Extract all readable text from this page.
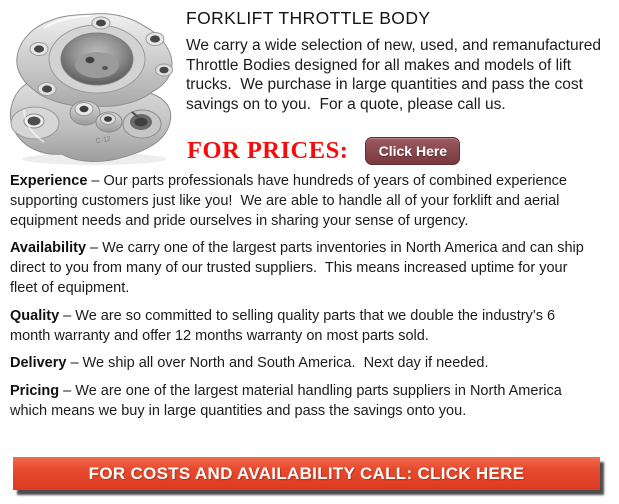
C-12
FORKLIFT THROTTLE BODY
We carry a wide selection of new, used, and remanufactured Throttle Bodies designed for all makes and models of lift trucks.  We purchase in large quantities and pass the cost savings on to you.  For a quote, please call us.
FOR PRICES:	Click Here

Experience – Our parts professionals have hundreds of years of combined experience supporting customers just like you!  We are able to handle all of your forklift and aerial equipment needs and pride ourselves in sharing your sense of urgency.

Availability – We carry one of the largest parts inventories in North America and can ship direct to you from many of our trusted suppliers.  This means increased uptime for your fleet of equipment.

Quality – We are so committed to selling quality parts that we double the industry’s 6 month warranty and offer 12 months warranty on most parts sold.

Delivery – We ship all over North and South America.  Next day if needed.

Pricing – We are one of the largest material handling parts suppliers in North America which means we buy in large quantities and pass the savings onto you.

FOR COSTS AND AVAILABILITY CALL: CLICK HERE
